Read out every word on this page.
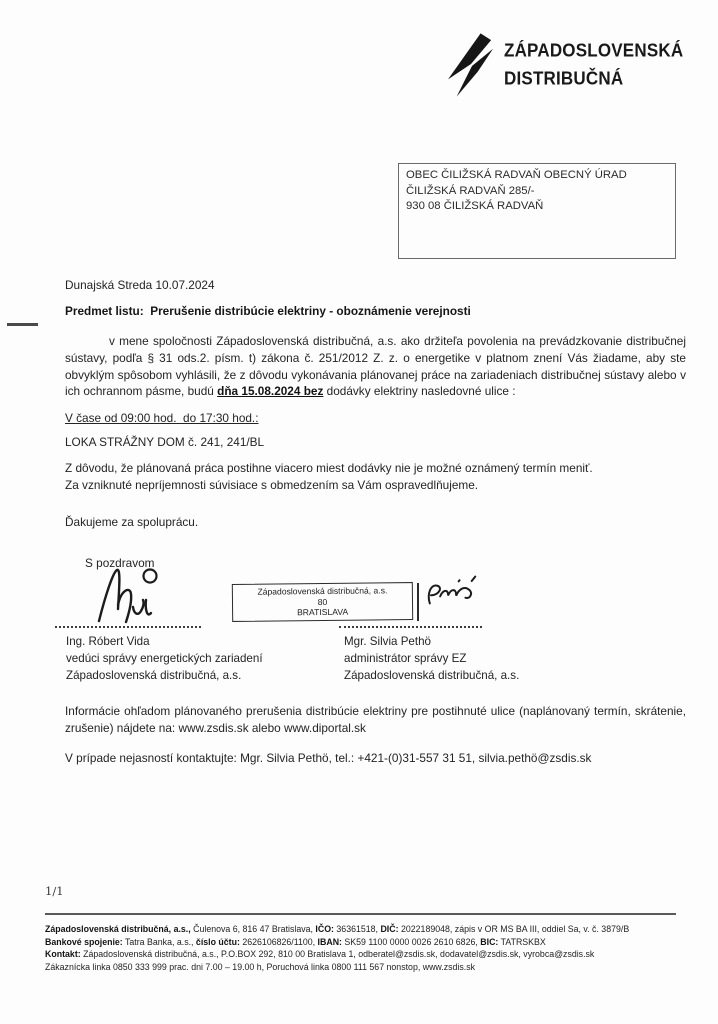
ZÁPADOSLOVENSKÁ
DISTRIBUČNÁ
OBEC ČILIŽSKÁ RADVAŇ OBECNÝ ÚRAD
ČILIŽSKÁ RADVAŇ 285/-
930 08 ČILIŽSKÁ RADVAŇ
Dunajská Streda 10.07.2024
Predmet listu:  Prerušenie distribúcie elektriny - oboznámenie verejnosti
v mene spoločnosti Západoslovenská distribučná, a.s. ako držiteľa povolenia na prevádzkovanie distribučnej sústavy, podľa § 31 ods.2. písm. t) zákona č. 251/2012 Z. z. o energetike v platnom znení Vás žiadame, aby ste obvyklým spôsobom vyhlásili, že z dôvodu vykonávania plánovanej práce na zariadeniach distribučnej sústavy alebo v ich ochrannom pásme, budú dňa 15.08.2024 bez dodávky elektriny nasledovné ulice :
V čase od 09:00 hod.  do 17:30 hod.:
LOKA STRÁŽNY DOM č. 241, 241/BL
Z dôvodu, že plánovaná práca postihne viacero miest dodávky nie je možné oznámený termín meniť.
Za vzniknuté nepríjemnosti súvisiace s obmedzením sa Vám ospravedlňujeme.
Ďakujeme za spoluprácu.
S pozdravom
Západoslovenská distribučná, a.s.
80
BRATISLAVA
Ing. Róbert Vida
vedúci správy energetických zariadení
Západoslovenská distribučná, a.s.
Mgr. Silvia Pethö
administrátor správy EZ
Západoslovenská distribučná, a.s.
Informácie ohľadom plánovaného prerušenia distribúcie elektriny pre postihnuté ulice (naplánovaný termín, skrátenie, zrušenie) nájdete na: www.zsdis.sk alebo www.diportal.sk
V prípade nejasností kontaktujte: Mgr. Silvia Pethö, tel.: +421-(0)31-557 31 51, silvia.pethö@zsdis.sk
1/1
Západoslovenská distribučná, a.s., Čulenova 6, 816 47 Bratislava, IČO: 36361518, DIČ: 2022189048, zápis v OR MS BA III, oddiel Sa, v. č. 3879/B
Bankové spojenie: Tatra Banka, a.s., číslo účtu: 2626106826/1100, IBAN: SK59 1100 0000 0026 2610 6826, BIC: TATRSKBX
Kontakt: Západoslovenská distribučná, a.s., P.O.BOX 292, 810 00 Bratislava 1, odberatel@zsdis.sk, dodavatel@zsdis.sk, vyrobca@zsdis.sk
Zákaznícka linka 0850 333 999 prac. dni 7.00 – 19.00 h, Poruchová linka 0800 111 567 nonstop, www.zsdis.sk
